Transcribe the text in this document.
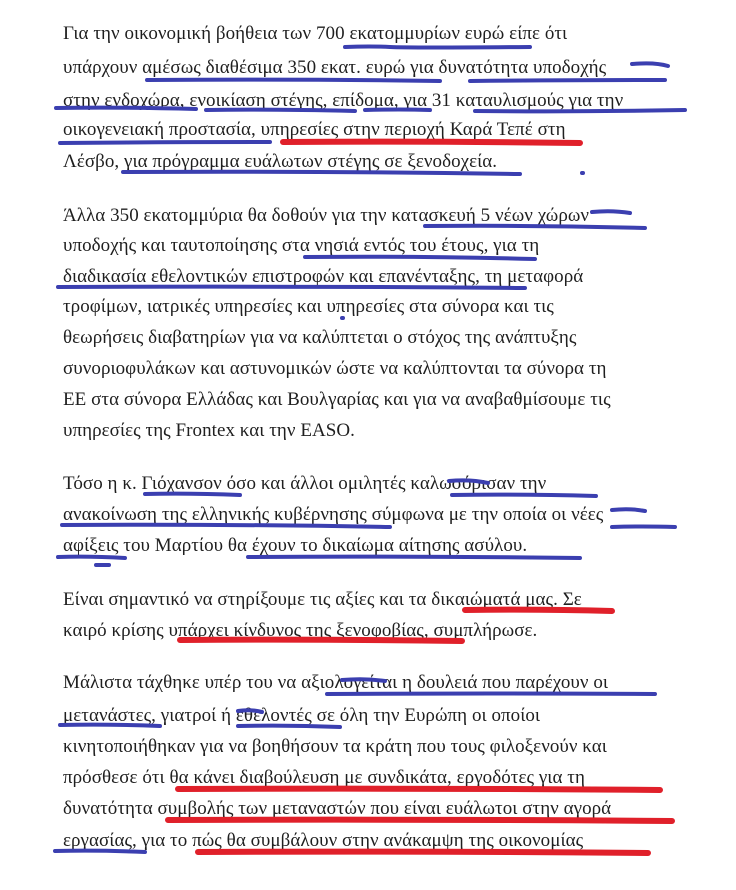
Για την οικονομική βοήθεια των 700 εκατομμυρίων ευρώ είπε ότι
υπάρχουν αμέσως διαθέσιμα 350 εκατ. ευρώ για δυνατότητα υποδοχής
στην ενδοχώρα, ενοικίαση στέγης, επίδομα, για 31 καταυλισμούς για την
οικογενειακή προστασία, υπηρεσίες στην περιοχή Καρά Τεπέ στη
Λέσβο, για πρόγραμμα ευάλωτων στέγης σε ξενοδοχεία.
Άλλα 350 εκατομμύρια θα δοθούν για την κατασκευή 5 νέων χώρων
υποδοχής και ταυτοποίησης στα νησιά εντός του έτους, για τη
διαδικασία εθελοντικών επιστροφών και επανένταξης, τη μεταφορά
τροφίμων, ιατρικές υπηρεσίες και υπηρεσίες στα σύνορα και τις
θεωρήσεις διαβατηρίων για να καλύπτεται ο στόχος της ανάπτυξης
συνοριοφυλάκων και αστυνομικών ώστε να καλύπτονται τα σύνορα τη
ΕΕ στα σύνορα Ελλάδας και Βουλγαρίας και για να αναβαθμίσουμε τις
υπηρεσίες της Frontex και την EASO.
Τόσο η κ. Γιόχανσον όσο και άλλοι ομιλητές καλωσόρισαν την
ανακοίνωση της ελληνικής κυβέρνησης σύμφωνα με την οποία οι νέες
αφίξεις του Μαρτίου θα έχουν το δικαίωμα αίτησης ασύλου.
Είναι σημαντικό να στηρίξουμε τις αξίες και τα δικαιώματά μας. Σε
καιρό κρίσης υπάρχει κίνδυνος της ξενοφοβίας, συμπλήρωσε.
Μάλιστα τάχθηκε υπέρ του να αξιολογείται η δουλειά που παρέχουν οι
μετανάστες, γιατροί ή εθελοντές σε όλη την Ευρώπη οι οποίοι
κινητοποιήθηκαν για να βοηθήσουν τα κράτη που τους φιλοξενούν και
πρόσθεσε ότι θα κάνει διαβούλευση με συνδικάτα, εργοδότες για τη
δυνατότητα συμβολής των μεταναστών που είναι ευάλωτοι στην αγορά
εργασίας, για το πώς θα συμβάλουν στην ανάκαμψη της οικονομίας
